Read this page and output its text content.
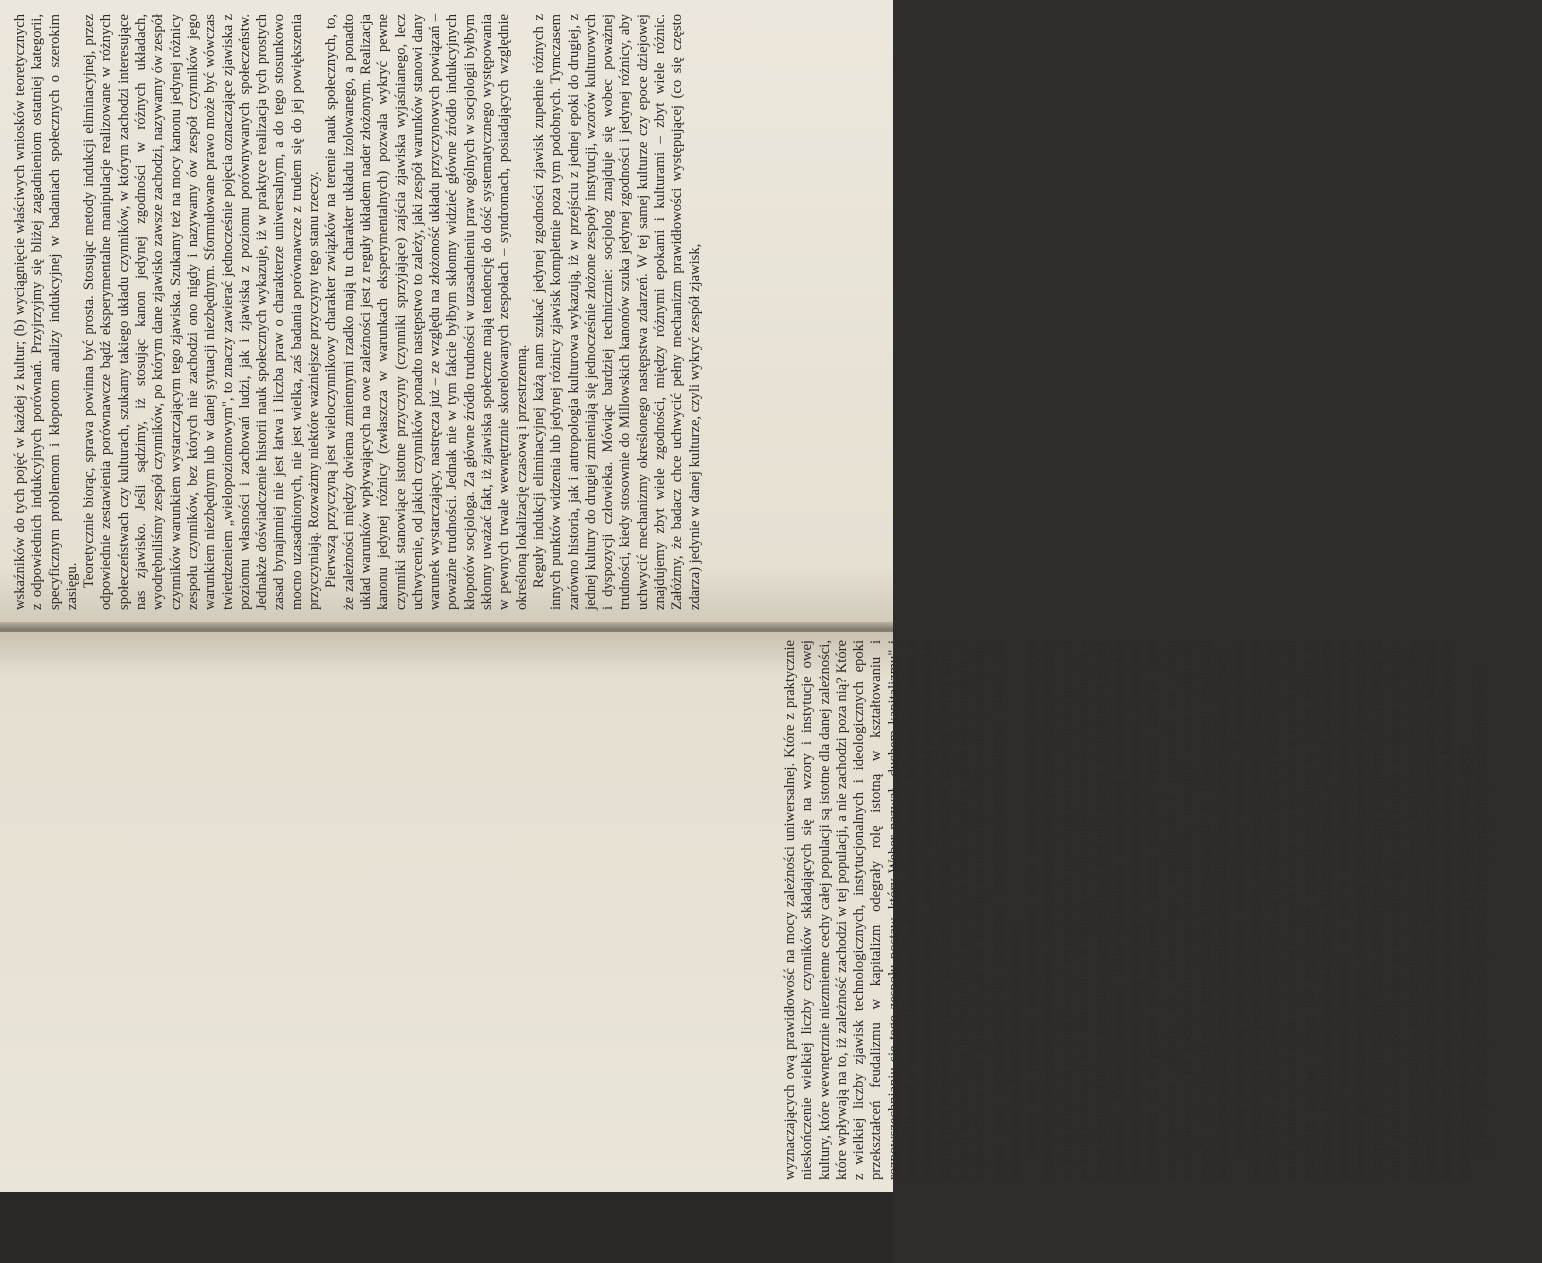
wskaźników do tych pojęć w każdej z kultur; (b) wyciągnięcie właściwych wniosków teoretycznych z odpowiednich indukcyjnych porównań. Przyjrzyjmy się bliżej zagadnieniom ostatniej kategorii, specyficznym problemom i kłopotom analizy indukcyjnej w badaniach społecznych o szerokim zasięgu. Teoretycznie biorąc, sprawa powinna być prosta. Stosując metody indukcji eliminacyjnej, przez odpowiednie zestawienia porównawcze bądź eksperymentalne manipulacje realizowane w różnych społeczeństwach czy kulturach, szukamy takiego układu czynników, w którym zachodzi interesujące nas zjawisko. Jeśli sądzimy, iż stosując kanon jedynej zgodności w różnych układach, wyodrębniliśmy zespół czynników, po którym dane zjawisko zawsze zachodzi, nazywamy ów zespół czynników warunkiem wystarczającym tego zjawiska. Szukamy też na mocy kanonu jedynej różnicy zespołu czynników, bez których nie zachodzi ono nigdy i nazywamy ów zespół czynników jego warunkiem niezbędnym lub w danej sytuacji niezbędnym. Sformułowane prawo może być wówczas twierdzeniem „wielopoziomowym", to znaczy zawierać jednocześnie pojęcia oznaczające zjawiska z poziomu własności i zachowań ludzi, jak i zjawiska z poziomu porównywanych społeczeństw. Jednakże doświadczenie historii nauk społecznych wykazuje, iż w praktyce realizacja tych prostych zasad bynajmniej nie jest łatwa i liczba praw o charakterze uniwersalnym, a do tego stosunkowo mocno uzasadnionych, nie jest wielka, zaś badania porównawcze z trudem się do jej powiększenia przyczyniają. Rozważmy niektóre ważniejsze przyczyny tego stanu rzeczy. Pierwszą przyczyną jest wieloczynnikowy charakter związków na terenie nauk społecznych, to, że zależności między dwiema zmiennymi rzadko mają tu charakter układu izolowanego, a ponadto układ warunków wpływających na owe zależności jest z reguły układem nader złożonym. Realizacja kanonu jedynej różnicy (zwłaszcza w warunkach eksperymentalnych) pozwala wykryć pewne czynniki stanowiące istotne przyczyny (czynniki sprzyjające) zajścia zjawiska wyjaśnianego, lecz uchwycenie, od jakich czynników ponadto następstwo to zależy, jaki zespół warunków stanowi dany warunek wystarczający, nastręcza już – ze względu na złożoność układu przyczynowych powiązań – poważne trudności. Jednak nie w tym fakcie byłbym skłonny widzieć główne źródło indukcyjnych kłopotów socjologa. Za główne źródło trudności w uzasadnieniu praw ogólnych w socjologii byłbym skłonny uważać fakt, iż zjawiska społeczne mają tendencję do dość systematycznego występowania w pewnych trwale wewnętrznie skorelowanych zespołach – syndromach, posiadających względnie określoną lokalizację czasową i przestrzenną. Reguły indukcji eliminacyjnej każą nam szukać jedynej zgodności zjawisk zupełnie różnych z innych punktów widzenia lub jedynej różnicy zjawisk kompletnie poza tym podobnych. Tymczasem zarówno historia, jak i antropologia kulturowa wykazują, iż w przejściu z jednej epoki do drugiej, z jednej kultury do drugiej zmieniają się jednocześnie złożone zespoły instytucji, wzorów kulturowych i dyspozycji człowieka. Mówiąc bardziej technicznie: socjolog znajduje się wobec poważnej trudności, kiedy stosownie do Millowskich kanonów szuka jedynej zgodności i jedynej różnicy, aby uchwycić mechanizmy określonego następstwa zdarzeń. W tej samej kulturze czy epoce dziejowej znajdujemy zbyt wiele zgodności, między różnymi epokami i kulturami – zbyt wiele różnic. Załóżmy, że badacz chce uchwycić pełny mechanizm prawidłowości występującej (co się często zdarza) jedynie w danej kulturze, czyli wykryć zespół zjawisk,

wyznaczających ową prawidłowość na mocy zależności uniwersalnej. Które z praktycznie nieskończenie wielkiej liczby czynników składających się na wzory i instytucje owej kultury, które wewnętrznie niezmienne cechy całej populacji są istotne dla danej zależności, które wpływają na to, iż zależność zachodzi w tej populacji, a nie zachodzi poza nią? Które z wielkiej liczby zjawisk technologicznych, instytucjonalnych i ideologicznych epoki przekształceń feudalizmu w kapitalizm odegrały rolę istotną w kształtowaniu i rozpowszechnianiu się tego zespołu postaw, który Weber nazwał „duchem kapitalizmu" i upersonifikował w postaci Benjamina Franklina? Możemy sądzić, że jedne były istotne, a czasowo-przestrzenna koincydencja innych z „duchem" kapitalizmu była przypadkowa. Ale które z tych elementów do jakiej klasy zaliczyć? Brak przykładów, które by spełniły kanon jedynej zgodności czy jedynej różnicy, sprawia, że badacze bądź w ogóle wstrzymują się od odpowiedzi na takie pytanie, bądź też udzielają na nie odpowiedzi, w której raczej dają wyraz swej przynależności do określonej teoretyczno-metodologicznej szkoły, niż informują o rezultatach indukcyjnej analizy. Weźmy inny przykład: oto stwierdzono, że w pewnych warunkach historycznych (nazwijmy je warunkami nowoczesnej, zachodnioeuropejskiej cywilizacji kapitalistycznej) w danej dziedzinie produkcji wzrost wynagrodzenia powoduje wzrost wydajności pracy, zaś w innych okresach lub kulturach – w innych współczynnych czasowo-przestrzennych – bywa różnie i skutkiem wzrostu wynagrodzeń bywa niekiedy wzrost, ale niekiedy i spadek wydajności. Które z ogromnej liczby składników nowoczesnej zachodnioeuropejskiej cywilizacji kapitalistycznej odgrywają rolę w wyznaczaniu tego następstwa, a które nie? Odpowiedź na to pytanie nie jest prosta. Badacz ma dwa wyjścia: albo w ogóle zrezygnować z dążenia do uniwersalnego uogólnienia i poprzestać na zdaniu szczegółowym: „Po podniesieniu wynagrodzenia niekiedy następuje wzrost wydajności pracy", albo sformułować generalizację historyczną, iż w nowoczesnej cywilizacji zachodnioeuropejskiej wzrost wynagrodzenia powoduje z reguły wzrost wydajności pracy. Socjolog znajduje się często w sytuacji botanika, który stwierdza, iż pewien gatunek roślin występuje tylko w jednej dolinie alpejskiej. Wie dobrze, iż dolinę tę różni od innych bardzo wiele cech i zapewne tylko niektóre są niezbędne do życia tej właśnie rośliny, nie umie jednak wskazać ogółu czynników istotnych i wobec tego wymienia w sposób pośredni wszystkie, podając nazwę lub współrzędne geograficzne doliny, w której roślina ta występuje. Podobnie socjolog podaje nazwę kultury czy epoki, w której zachodzi pewna prawidłowość warunkowa, ponieważ nie jest w stanie podać ogólnie zdefiniowanych warunków ją współdeterminujących. Współrzędne czasowo-przestrzenne w generalizacjach historycznych tego rodzaju (tj. takich, które sformułowaliśmy z konieczności – nie będąc w stanie sformułować odpowiedniego prawa ogólnego) pełnią funkcje zastępcze wobec nie znanych nam warunków zachodzenia zależności ogólnych, czyli nie znanych składników warunku wystarczającego praw następstwa zdarzeń, nie znanych determinatorów zależności funkcyjnych itp. Dostarczają nam one ponadto ważnych informacji o lokalizacji tych nie znanych czynników, co może odegrać doniosłą rolę w ich wykryciu, gdyż: (a) jeśli generalizacja została zweryfikowana (lub przynajmniej dostatecznie mocno
